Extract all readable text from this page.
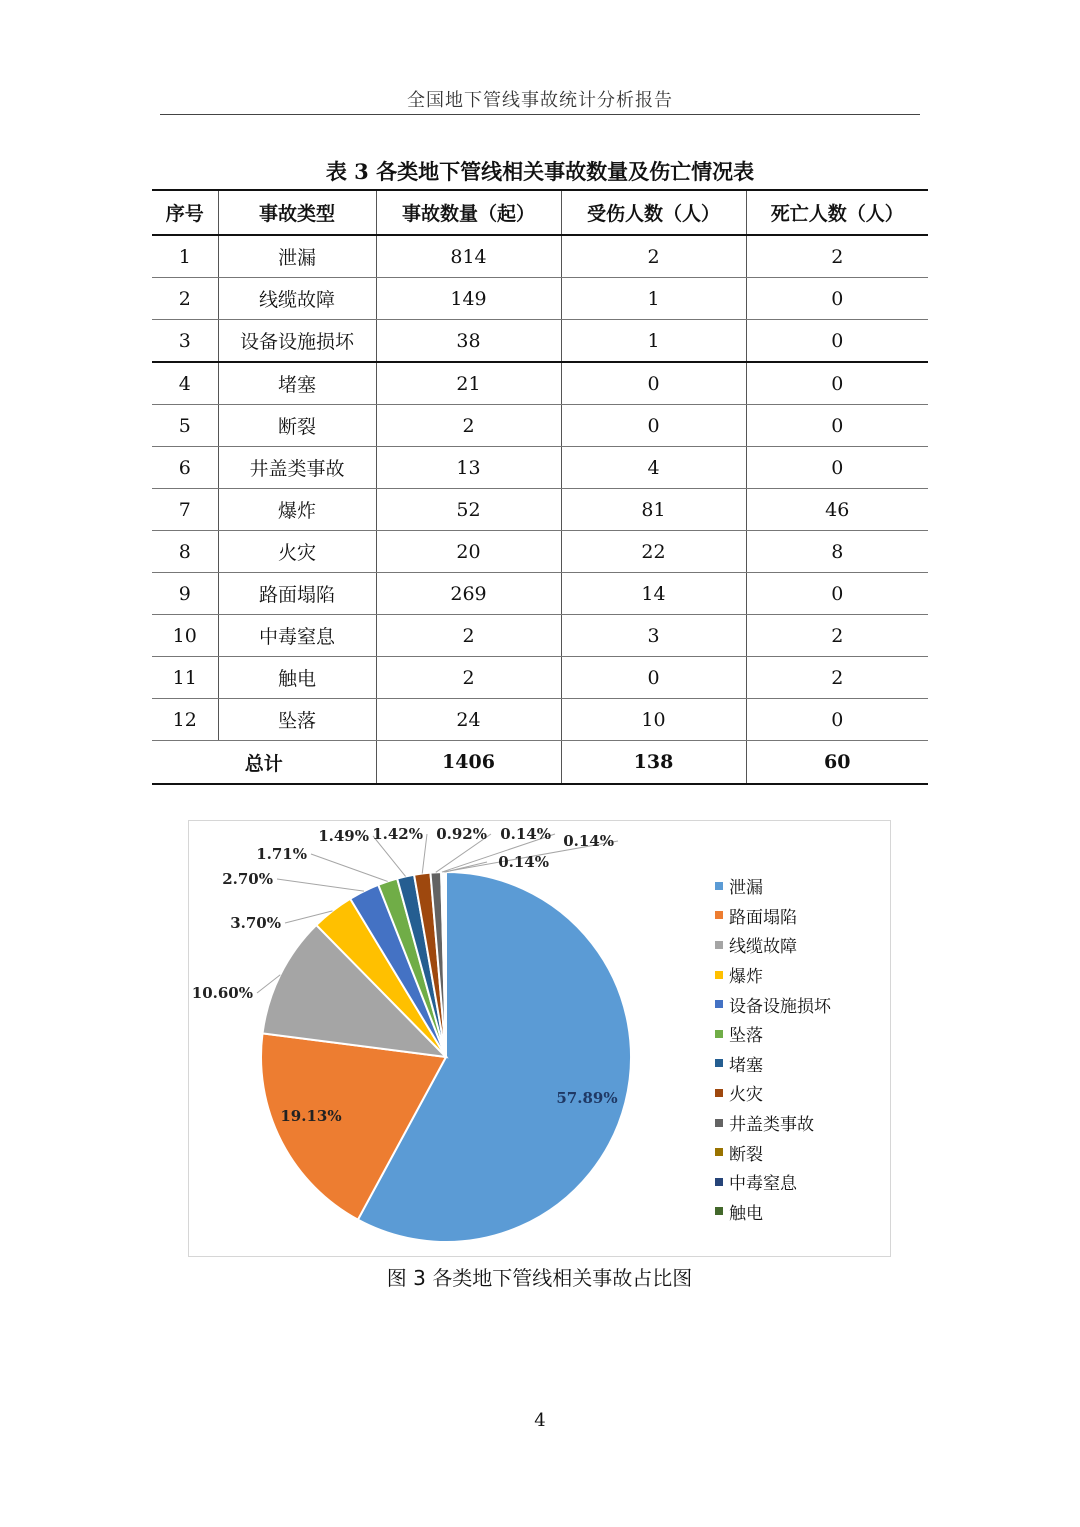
全国地下管线事故统计分析报告
表 3 各类地下管线相关事故数量及伤亡情况表
序号	事故类型	事故数量（起）	受伤人数（人）	死亡人数（人）
1	泄漏	814	2	2
2	线缆故障	149	1	0
3	设备设施损坏	38	1	0
4	堵塞	21	0	0
5	断裂	2	0	0
6	井盖类事故	13	4	0
7	爆炸	52	81	46
8	火灾	20	22	8
9	路面塌陷	269	14	0
10	中毒窒息	2	3	2
11	触电	2	0	2
12	坠落	24	10	0
总计		1406	138	60
57.89%
19.13%
10.60%
3.70%
2.70%
1.71%
1.49% 1.42% 0.92% 0.14% 0.14%
0.14%
泄漏
路面塌陷
线缆故障
爆炸
设备设施损坏
坠落
堵塞
火灾
井盖类事故
断裂
中毒窒息
触电
图 3 各类地下管线相关事故占比图
4
